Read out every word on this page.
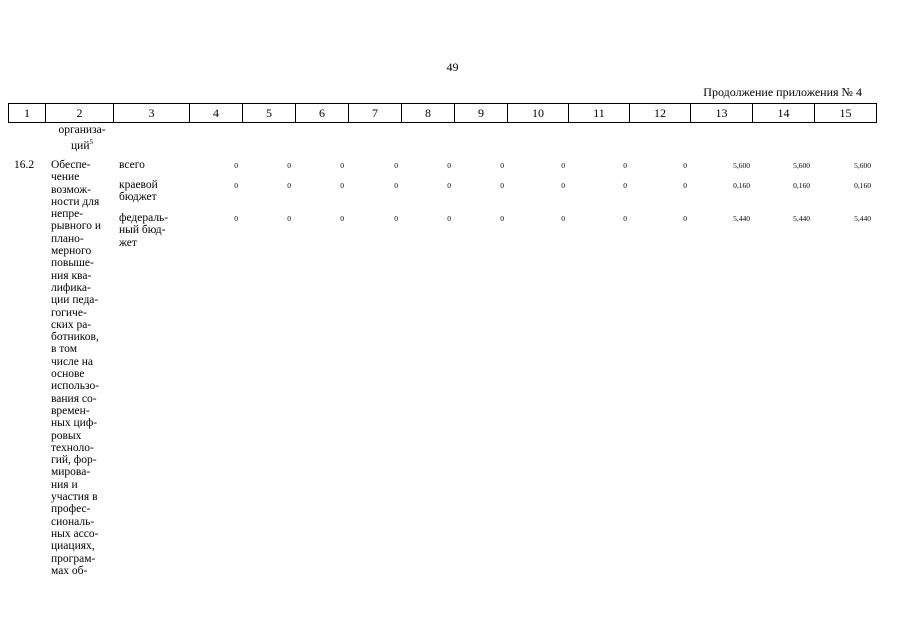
49
Продолжение приложения № 4
1	2	3	4	5	6	7	8	9	10	11	12	13	14	15
организа-
ций$^5$
16.2 Обеспе-
чение
возмож-
ности для
непре-
рывного и
плано-
мерного
повыше-
ния ква-
лифика-
ции педа-
гогиче-
ских ра-
ботников,
в том
числе на
основе
использо-
вания со-
времен-
ных циф-
ровых
техноло-
гий, фор-
мирова-
ния и
участия в
профес-
сиональ-
ных ассо-
циациях,
програм-
мах об-
всего	0	0	0	0	0	0	0	0	0	5,600	5,600	5,600
краевой
бюджет
0	0	0	0	0	0	0	0	0	0,160	0,160	0,160
федераль-
ный бюд-
жет
0	0	0	0	0	0	0	0	0	5,440	5,440	5,440
